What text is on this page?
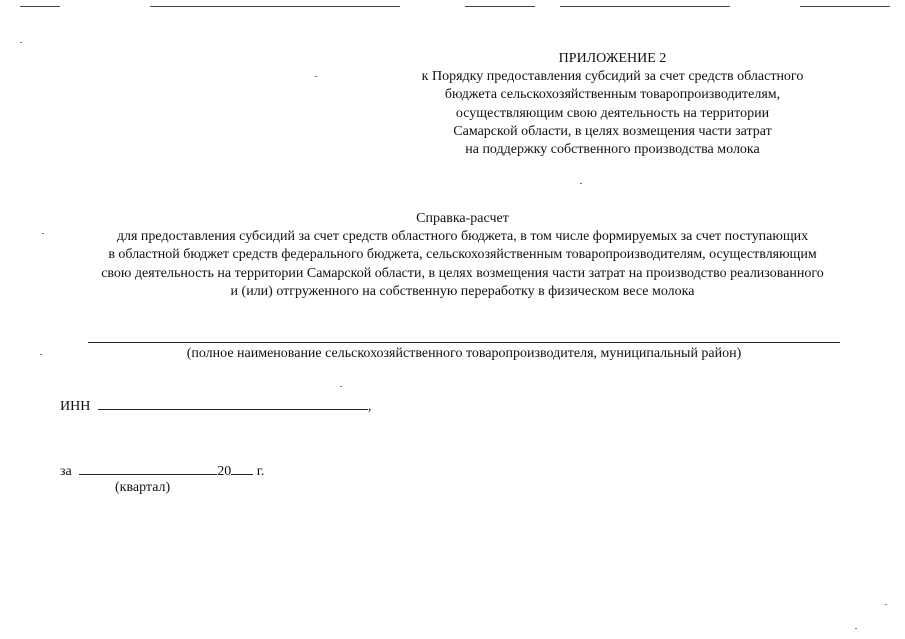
ПРИЛОЖЕНИЕ 2
к Порядку предоставления субсидий за счет средств областного
бюджета сельскохозяйственным товаропроизводителям,
осуществляющим свою деятельность на территории
Самарской области, в целях возмещения части затрат
на поддержку собственного производства молока
Справка-расчет
для предоставления субсидий за счет средств областного бюджета, в том числе формируемых за счет поступающих
в областной бюджет средств федерального бюджета, сельскохозяйственным товаропроизводителям, осуществляющим
свою деятельность на территории Самарской области, в целях возмещения части затрат на производство реализованного
и (или) отгруженного на собственную переработку в физическом весе молока
(полное наименование сельскохозяйственного товаропроизводителя, муниципальный район)
ИНН	,
за	20 г.
(квартал)
